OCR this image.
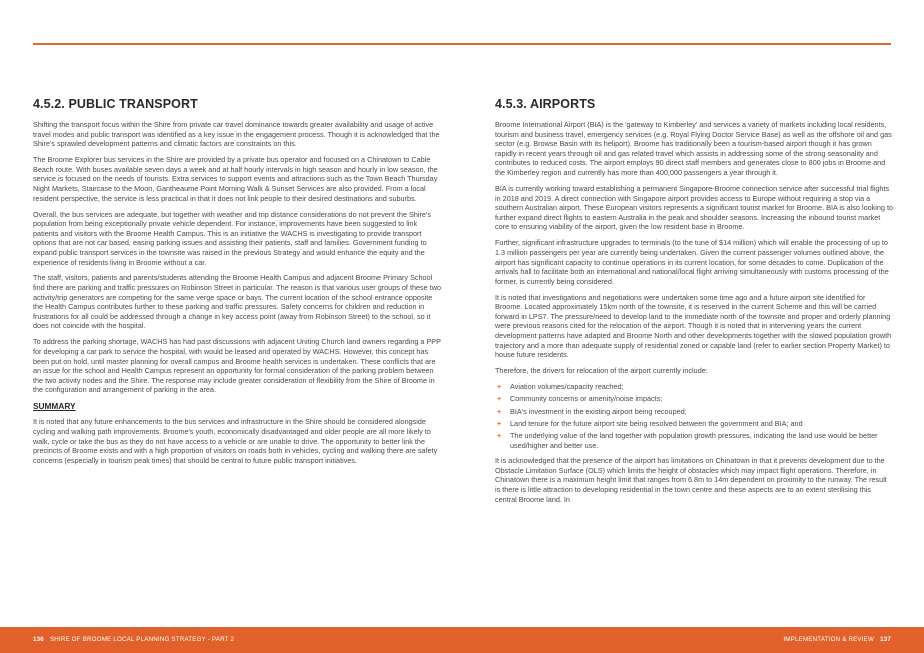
4.5.2. PUBLIC TRANSPORT

Shifting the transport focus within the Shire from private car travel dominance towards greater availability and usage of active travel modes and public transport was identified as a key issue in the engagement process. Though it is acknowledged that the Shire's sprawled development patterns and climatic factors are constraints on this.

The Broome Explorer bus services in the Shire are provided by a private bus operator and focused on a Chinatown to Cable Beach route. With buses available seven days a week and at half hourly intervals in high season and hourly in low season, the service is focused on the needs of tourists. Extra services to support events and attractions such as the Town Beach Thursday Night Markets, Staircase to the Moon, Gantheaume Point Morning Walk & Sunset Services are also provided. From a local resident perspective, the service is less practical in that it does not link people to their desired destinations and suburbs.

Overall, the bus services are adequate, but together with weather and trip distance considerations do not prevent the Shire's population from being exceptionally private vehicle dependent. For instance, improvements have been suggested to link patients and visitors with the Broome Health Campus. This is an initiative the WACHS is investigating to provide transport options that are not car based, easing parking issues and assisting their patients, staff and families. Government funding to expand public transport services in the townsite was raised in the previous Strategy and would enhance the equity and the experience of residents living in Broome without a car.

The staff, visitors, patients and parents/students attending the Broome Health Campus and adjacent Broome Primary School find there are parking and traffic pressures on Robinson Street in particular. The reason is that various user groups of these two activity/trip generators are competing for the same verge space or bays. The current location of the school entrance opposite the Health Campus contributes further to these parking and traffic pressures. Safety concerns for children and reduction in frustrations for all could be addressed through a change in key access point (away from Robinson Street) to the school, so it does not coincide with the hospital.

To address the parking shortage, WACHS has had past discussions with adjacent Uniting Church land owners regarding a PPP for developing a car park to service the hospital, with would be leased and operated by WACHS. However, this concept has been put on hold, until master planning for overall campus and Broome health services is undertaken. These conflicts that are an issue for the school and Health Campus represent an opportunity for formal consideration of the parking problem between the two activity nodes and the Shire. The response may include greater consideration of flexibility from the Shire of Broome in the configuration and arrangement of parking in the area.

SUMMARY

It is noted that any future enhancements to the bus services and infrastructure in the Shire should be considered alongside cycling and walking path improvements. Broome's youth, economically disadvantaged and older people are all more likely to walk, cycle or take the bus as they do not have access to a vehicle or are unable to drive. The opportunity to better link the precincts of Broome exists and with a high proportion of visitors on roads both in vehicles, cycling and walking there are safety concerns (especially in tourism peak times) that should be central to future public transport initiatives.

4.5.3. AIRPORTS

Broome International Airport (BIA) is the 'gateway to Kimberley' and services a variety of markets including local residents, tourism and business travel, emergency services (e.g. Royal Flying Doctor Service Base) as well as the offshore oil and gas sector (e.g. Browse Basin with its heliport). Broome has traditionally been a tourism-based airport though it has grown rapidly in recent years through oil and gas related travel which assists in addressing some of the strong seasonality and contributes to reduced costs. The airport employs 90 direct staff members and generates close to 800 jobs in Broome and the Kimberley region and currently has more than 400,000 passengers a year through it.

BIA is currently working toward establishing a permanent Singapore-Broome connection service after successful trial flights in 2018 and 2019. A direct connection with Singapore airport provides access to Europe without requiring a stop via a southern Australian airport. These European visitors represents a significant tourist market for Broome. BIA is also looking to further expand direct flights to eastern Australia in the peak and shoulder seasons. Increasing the inbound tourist market core to ensuring viability of the airport, given the low resident base in Broome.

Further, significant infrastructure upgrades to terminals (to the tune of $14 million) which will enable the processing of up to 1.3 million passengers per year are currently being undertaken. Given the current passenger volumes outlined above, the airport has significant capacity to continue operations in its current location, for some decades to come. Duplication of the arrivals hall to facilitate both an international and national/local flight arriving simultaneously with customs processing of the former, is currently being considered.

It is noted that investigations and negotiations were undertaken some time ago and a future airport site identified for Broome. Located approximately 15km north of the townsite, it is reserved in the current Scheme and this will be carried forward in LPS7. The pressure/need to develop land to the immediate north of the townsite and proper and orderly planning were previous reasons cited for the relocation of the airport. Though it is noted that in intervening years the current development patterns have adapted and Broome North and other developments together with the slowed population growth trajectory and a more than adequate supply of residential zoned or capable land (refer to earlier section Property Market) to house future residents.

Therefore, the drivers for relocation of the airport currently include:

+ Aviation volumes/capacity reached;
+ Community concerns or amenity/noise impacts;
+ BIA's investment in the existing airport being recouped;
+ Land tenure for the future airport site being resolved between the government and BIA; and
+ The underlying value of the land together with population growth pressures, indicating the land use would be better used/higher and better use.

It is acknowledged that the presence of the airport has limitations on Chinatown in that it prevents development due to the Obstacle Limitation Surface (OLS) which limits the height of obstacles which may impact flight operations. Therefore, in Chinatown there is a maximum height limit that ranges from 6.8m to 14m dependent on proximity to the runway. The result is there is little attraction to developing residential in the town centre and these aspects are to an extent sterilising this central Broome land. In

136 SHIRE OF BROOME LOCAL PLANNING STRATEGY - PART 2	IMPLEMENTATION & REVIEW 137
